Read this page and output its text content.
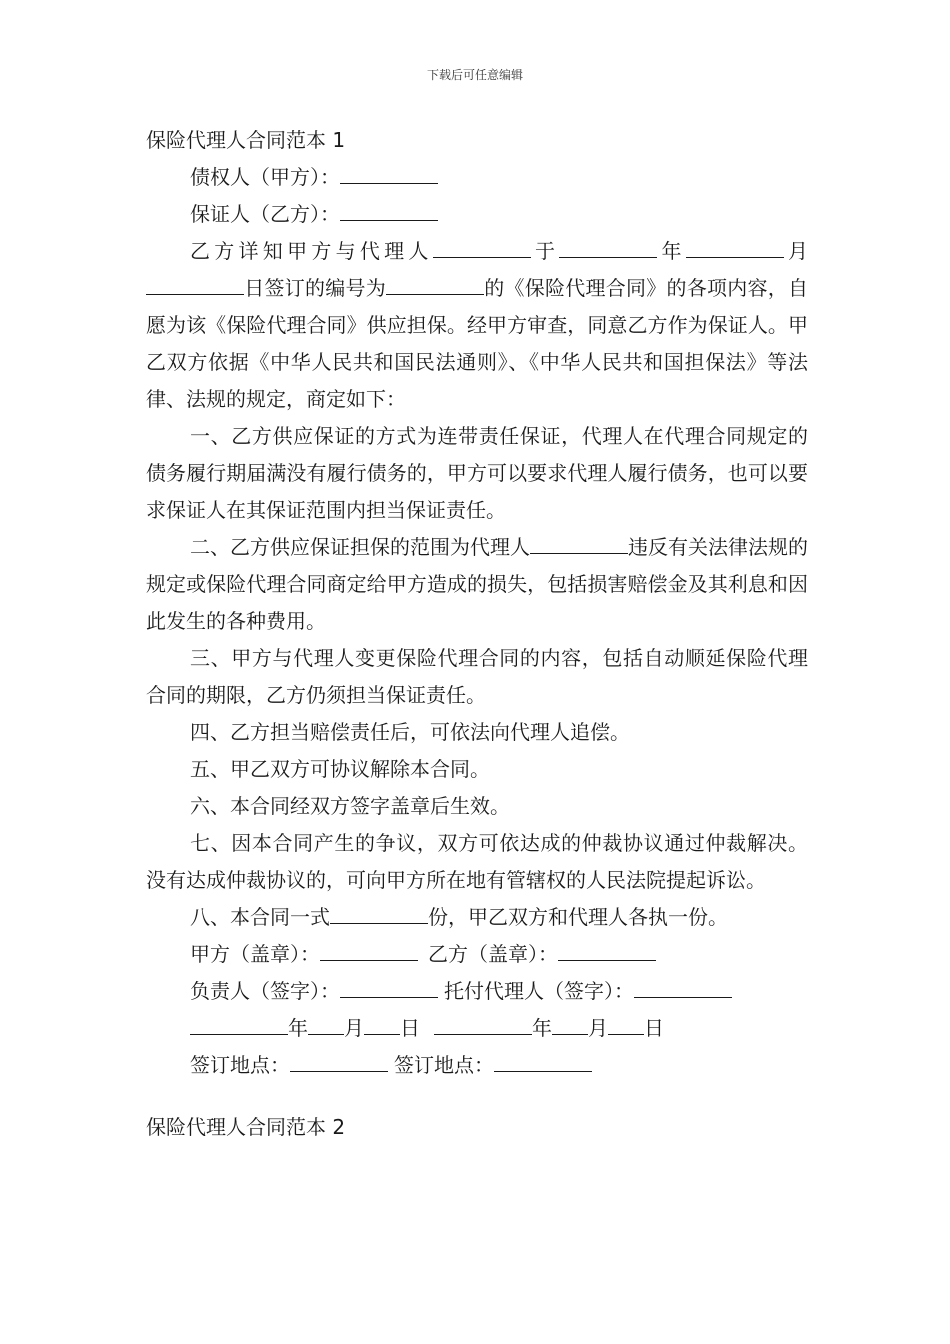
下载后可任意编辑
保险代理人合同范本 1

债权人（甲方）：

保证人（乙方）：

乙方详知甲方与代理人	于	年	月日签订的编号为	的《保险代理合同》的各项内容，自愿为该《保险代理合同》供应担保。经甲方审查，同意乙方作为保证人。甲乙双方依据《中华人民共和国民法通则》、《中华人民共和国担保法》等法律、法规的规定，商定如下：

一、乙方供应保证的方式为连带责任保证，代理人在代理合同规定的债务履行期届满没有履行债务的，甲方可以要求代理人履行债务，也可以要求保证人在其保证范围内担当保证责任。

二、乙方供应保证担保的范围为代理人	违反有关法律法规的规定或保险代理合同商定给甲方造成的损失，包括损害赔偿金及其利息和因此发生的各种费用。

三、甲方与代理人变更保险代理合同的内容，包括自动顺延保险代理合同的期限，乙方仍须担当保证责任。

四、乙方担当赔偿责任后，可依法向代理人追偿。

五、甲乙双方可协议解除本合同。

六、本合同经双方签字盖章后生效。

七、因本合同产生的争议，双方可依达成的仲裁协议通过仲裁解决。没有达成仲裁协议的，可向甲方所在地有管辖权的人民法院提起诉讼。

八、本合同一式	份，甲乙双方和代理人各执一份。

甲方（盖章）：	乙方（盖章）：

负责人（签字）：	托付代理人（签字）：

年 月 日	年 月 日

签订地点：	签订地点：

保险代理人合同范本 2
